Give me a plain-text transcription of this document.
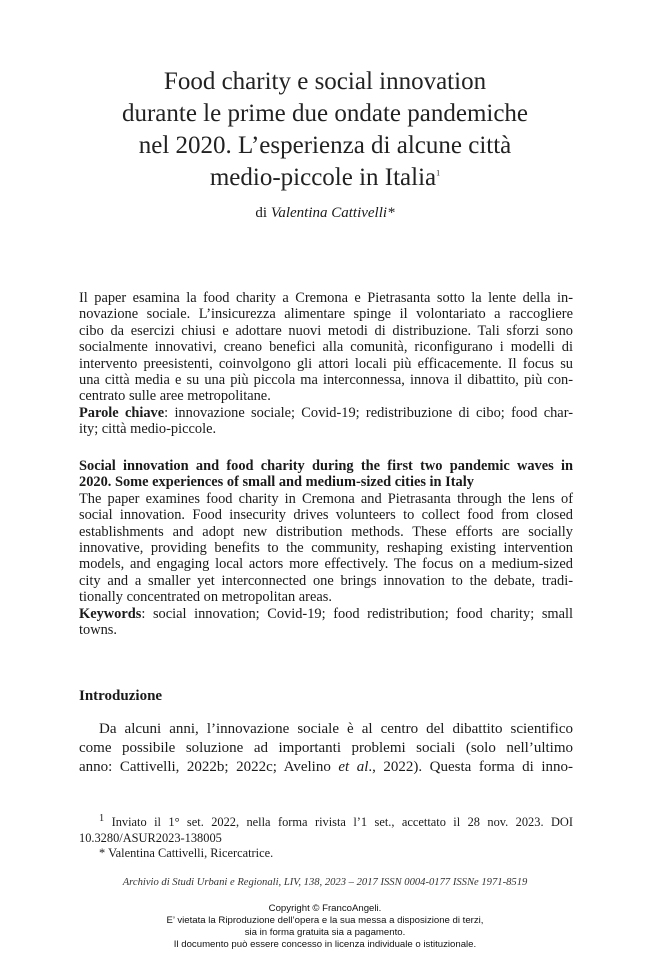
Food charity e social innovation
durante le prime due ondate pandemiche
nel 2020. L’esperienza di alcune città
medio-piccole in Italia$^1$
di Valentina Cattivelli*
Il paper esamina la food charity a Cremona e Pietrasanta sotto la lente della in-
novazione sociale. L’insicurezza alimentare spinge il volontariato a raccogliere
cibo da esercizi chiusi e adottare nuovi metodi di distribuzione. Tali sforzi sono
socialmente innovativi, creano benefici alla comunità, riconfigurano i modelli di
intervento preesistenti, coinvolgono gli attori locali più efficacemente. Il focus su
una città media e su una più piccola ma interconnessa, innova il dibattito, più con-
centrato sulle aree metropolitane.
Parole chiave: innovazione sociale; Covid-19; redistribuzione di cibo; food char-
ity; città medio-piccole.
Social innovation and food charity during the first two pandemic waves in
2020. Some experiences of small and medium-sized cities in Italy
The paper examines food charity in Cremona and Pietrasanta through the lens of
social innovation. Food insecurity drives volunteers to collect food from closed
establishments and adopt new distribution methods. These efforts are socially
innovative, providing benefits to the community, reshaping existing intervention
models, and engaging local actors more effectively. The focus on a medium-sized
city and a smaller yet interconnected one brings innovation to the debate, tradi-
tionally concentrated on metropolitan areas.
Keywords: social innovation; Covid-19; food redistribution; food charity; small
towns.
Introduzione
Da alcuni anni, l’innovazione sociale è al centro del dibattito scientifico
come possibile soluzione ad importanti problemi sociali (solo nell’ultimo
anno: Cattivelli, 2022b; 2022c; Avelino et al., 2022). Questa forma di inno-
$^1$ Inviato il 1° set. 2022, nella forma rivista l’1 set., accettato il 28 nov. 2023. DOI
10.3280/ASUR2023-138005
* Valentina Cattivelli, Ricercatrice.
Archivio di Studi Urbani e Regionali, LIV, 138, 2023 – 2017 ISSN 0004-0177 ISSNe 1971-8519
Copyright © FrancoAngeli.
E’ vietata la Riproduzione dell’opera e la sua messa a disposizione di terzi,
sia in forma gratuita sia a pagamento.
Il documento può essere concesso in licenza individuale o istituzionale.
